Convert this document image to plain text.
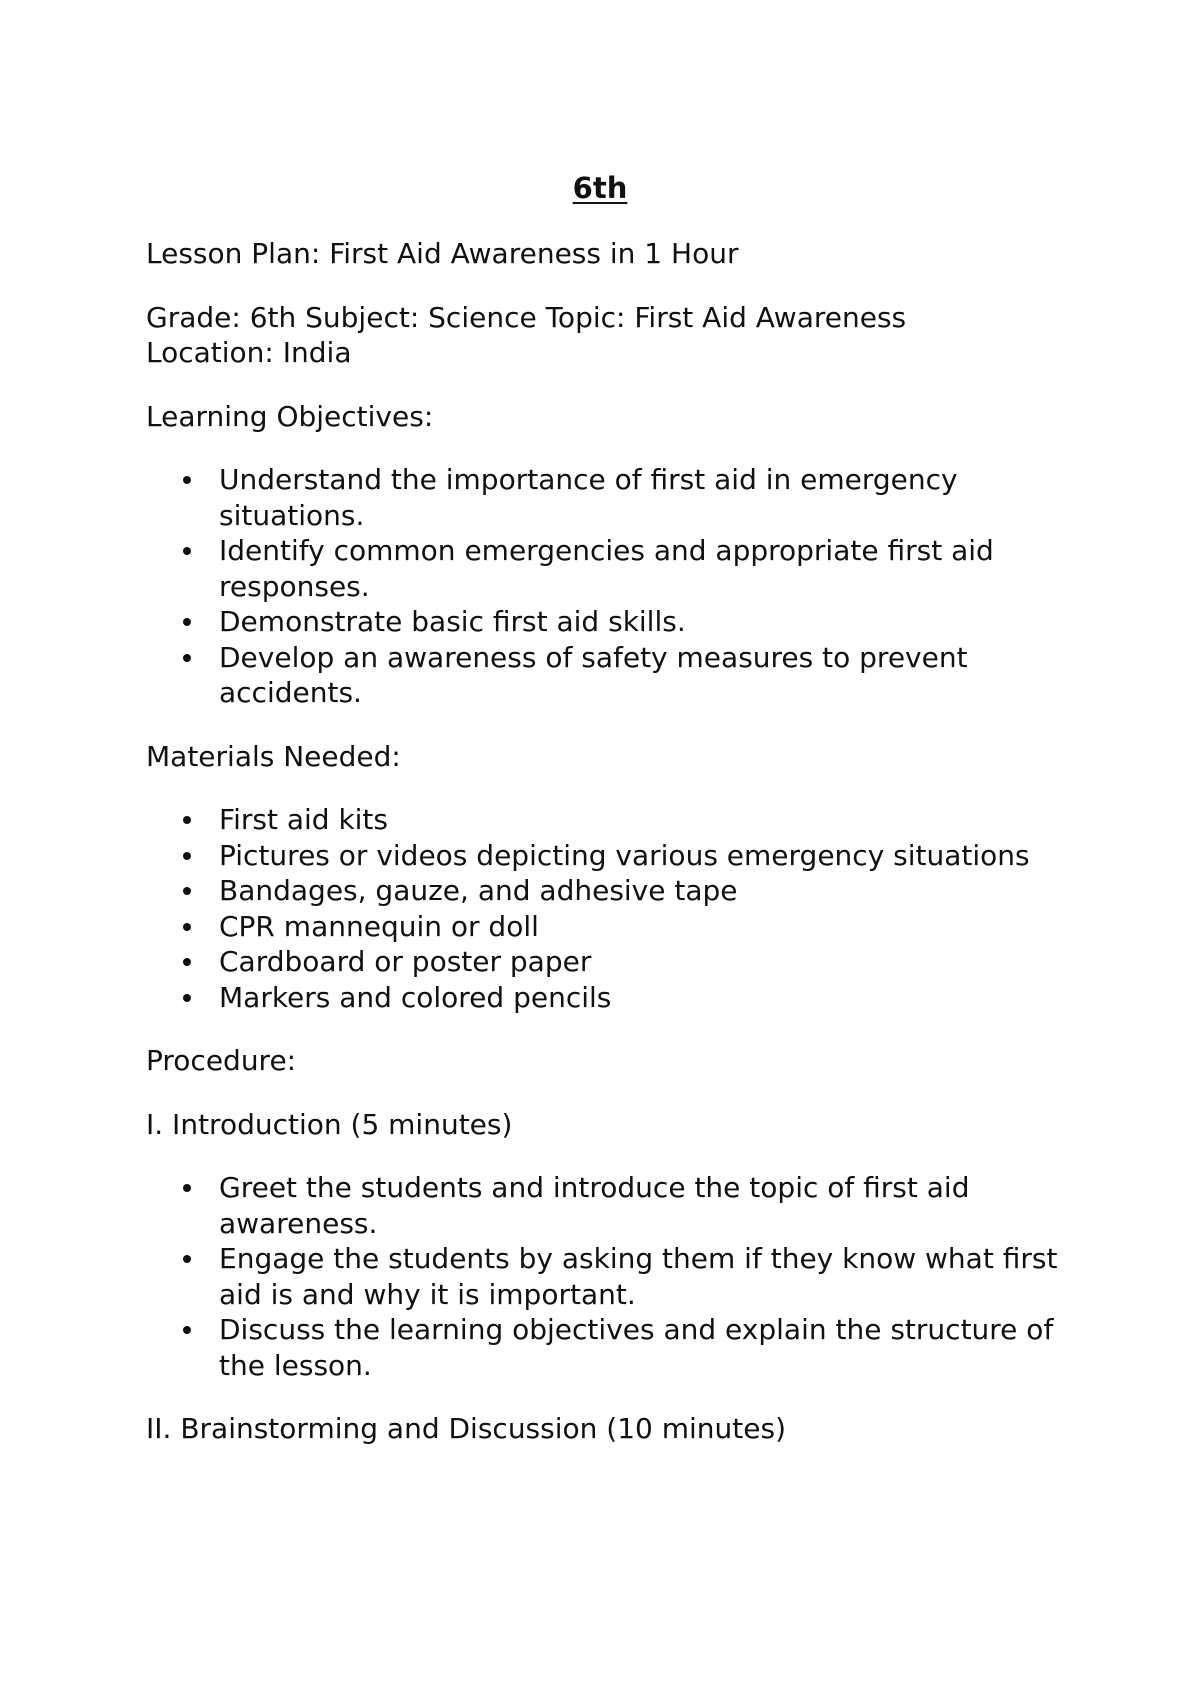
6th

Lesson Plan: First Aid Awareness in 1 Hour

Grade: 6th Subject: Science Topic: First Aid Awareness
Location: India

Learning Objectives:

Understand the importance of first aid in emergency situations.
Identify common emergencies and appropriate first aid responses.
Demonstrate basic first aid skills.
Develop an awareness of safety measures to prevent accidents.

Materials Needed:

First aid kits
Pictures or videos depicting various emergency situations
Bandages, gauze, and adhesive tape
CPR mannequin or doll
Cardboard or poster paper
Markers and colored pencils

Procedure:

I. Introduction (5 minutes)

Greet the students and introduce the topic of first aid awareness.
Engage the students by asking them if they know what first aid is and why it is important.
Discuss the learning objectives and explain the structure of the lesson.

II. Brainstorming and Discussion (10 minutes)
